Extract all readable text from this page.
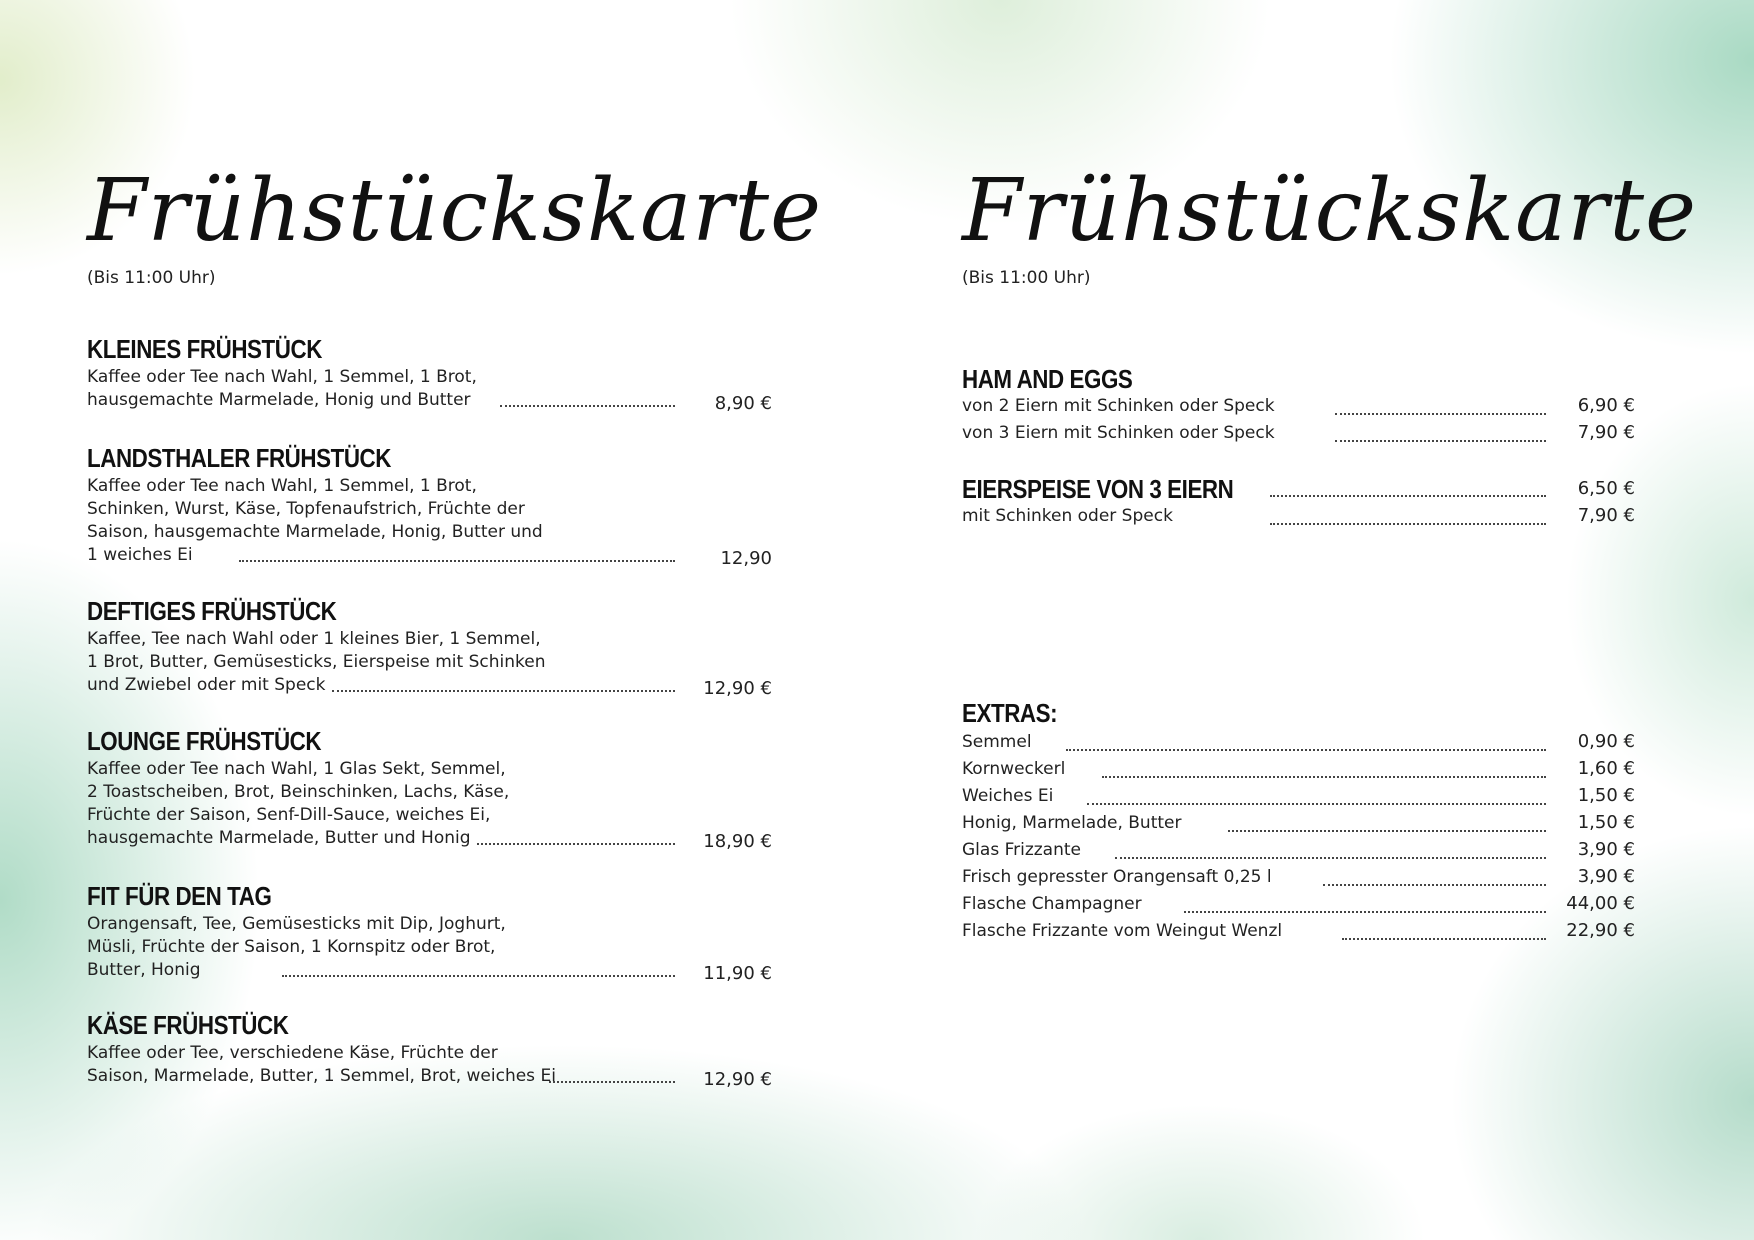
Frühstückskarte
(Bis 11:00 Uhr)
KLEINES FRÜHSTÜCK
Kaffee oder Tee nach Wahl, 1 Semmel, 1 Brot,
hausgemachte Marmelade, Honig und Butter	8,90 €
LANDSTHALER FRÜHSTÜCK
Kaffee oder Tee nach Wahl, 1 Semmel, 1 Brot,
Schinken, Wurst, Käse, Topfenaufstrich, Früchte der
Saison, hausgemachte Marmelade, Honig, Butter und
1 weiches Ei	12,90
DEFTIGES FRÜHSTÜCK
Kaffee, Tee nach Wahl oder 1 kleines Bier, 1 Semmel,
1 Brot, Butter, Gemüsesticks, Eierspeise mit Schinken
und Zwiebel oder mit Speck	12,90 €
LOUNGE FRÜHSTÜCK
Kaffee oder Tee nach Wahl, 1 Glas Sekt, Semmel,
2 Toastscheiben, Brot, Beinschinken, Lachs, Käse,
Früchte der Saison, Senf-Dill-Sauce, weiches Ei,
hausgemachte Marmelade, Butter und Honig	18,90 €
FIT FÜR DEN TAG
Orangensaft, Tee, Gemüsesticks mit Dip, Joghurt,
Müsli, Früchte der Saison, 1 Kornspitz oder Brot,
Butter, Honig	11,90 €
KÄSE FRÜHSTÜCK
Kaffee oder Tee, verschiedene Käse, Früchte der
Saison, Marmelade, Butter, 1 Semmel, Brot, weiches Ei	12,90 €
Frühstückskarte
(Bis 11:00 Uhr)
HAM AND EGGS
von 2 Eiern mit Schinken oder Speck	6,90 €
von 3 Eiern mit Schinken oder Speck	7,90 €
EIERSPEISE VON 3 EIERN	6,50 €
mit Schinken oder Speck	7,90 €
EXTRAS:
Semmel	0,90 €
Kornweckerl	1,60 €
Weiches Ei	1,50 €
Honig, Marmelade, Butter	1,50 €
Glas Frizzante	3,90 €
Frisch gepresster Orangensaft 0,25 l	3,90 €
Flasche Champagner	44,00 €
Flasche Frizzante vom Weingut Wenzl	22,90 €
